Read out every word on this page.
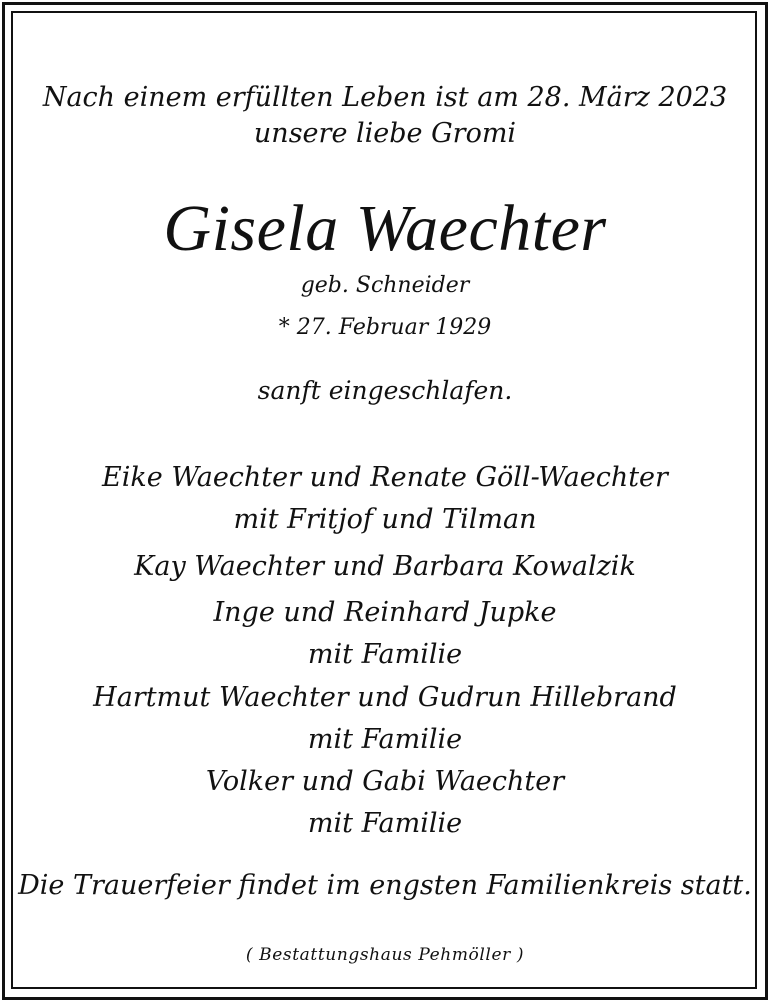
Nach einem erfüllten Leben ist am 28. März 2023
unsere liebe Gromi
Gisela Waechter
geb. Schneider
* 27. Februar 1929
sanft eingeschlafen.
Eike Waechter und Renate Göll-Waechter
mit Fritjof und Tilman
Kay Waechter und Barbara Kowalzik
Inge und Reinhard Jupke
mit Familie
Hartmut Waechter und Gudrun Hillebrand
mit Familie
Volker und Gabi Waechter
mit Familie
Die Trauerfeier findet im engsten Familienkreis statt.
( Bestattungshaus Pehmöller )
